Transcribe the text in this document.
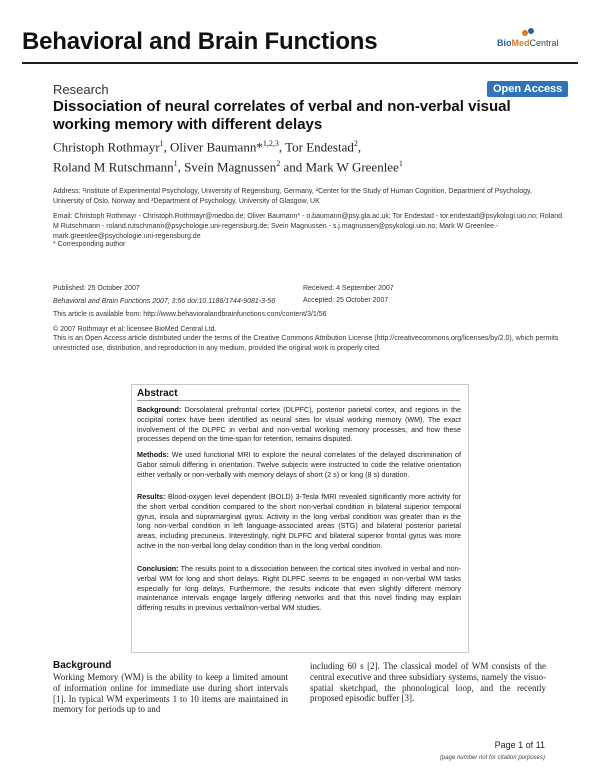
Behavioral and Brain Functions	BioMedCentral
Research	Open Access
Dissociation of neural correlates of verbal and non-verbal visual working memory with different delays
Christoph Rothmayr$^1$, Oliver Baumann*$^{1,2,3}$, Tor Endestad$^2$,
Roland M Rutschmann$^1$, Svein Magnussen$^2$ and Mark W Greenlee$^1$
Address: ¹Institute of Experimental Psychology, University of Regensburg, Germany, ²Center for the Study of Human Cognition, Department of Psychology, University of Oslo, Norway and ³Department of Psychology, University of Glasgow, UK
Email: Christoph Rothmayr - Christoph.Rothmayr@medbo.de; Oliver Baumann* - o.baumann@psy.gla.ac.uk; Tor Endestad - tor.endestad@psykologi.uio.no; Roland M Rutschmann - roland.rutschmann@psychologie.uni-regensburg.de; Svein Magnussen - s.j.magnussen@psykologi.uio.no; Mark W Greenlee - mark.greenlee@psychologie.uni-regensburg.de
* Corresponding author
Published: 25 October 2007	Received: 4 September 2007
Behavioral and Brain Functions 2007, 3:56 doi:10.1186/1744-9081-3-56	Accepted: 25 October 2007
This article is available from: http://www.behavioralandbrainfunctions.com/content/3/1/56
© 2007 Rothmayr et al; licensee BioMed Central Ltd.
This is an Open Access article distributed under the terms of the Creative Commons Attribution License (http://creativecommons.org/licenses/by/2.0), which permits unrestricted use, distribution, and reproduction in any medium, provided the original work is properly cited.
Abstract
Background: Dorsolateral prefrontal cortex (DLPFC), posterior parietal cortex, and regions in the occipital cortex have been identified as neural sites for visual working memory (WM). The exact involvement of the DLPFC in verbal and non-verbal working memory processes, and how these processes depend on the time-span for retention, remains disputed.
Methods: We used functional MRI to explore the neural correlates of the delayed discrimination of Gabor stimuli differing in orientation. Twelve subjects were instructed to code the relative orientation either verbally or non-verbally with memory delays of short (2 s) or long (8 s) duration.
Results: Blood-oxygen level dependent (BOLD) 3-Tesla fMRI revealed significantly more activity for the short verbal condition compared to the short non-verbal condition in bilateral superior temporal gyrus, insula and supramarginal gyrus. Activity in the long verbal condition was greater than in the long non-verbal condition in left language-associated areas (STG) and bilateral posterior parietal areas, including precuneus. Interestingly, right DLPFC and bilateral superior frontal gyrus was more active in the non-verbal long delay condition than in the long verbal condition.
Conclusion: The results point to a dissociation between the cortical sites involved in verbal and non-verbal WM for long and short delays. Right DLPFC seems to be engaged in non-verbal WM tasks especially for long delays. Furthermore, the results indicate that even slightly different memory maintenance intervals engage largely differing networks and that this novel finding may explain differing results in previous verbal/non-verbal WM studies.
Background
Working Memory (WM) is the ability to keep a limited amount of information online for immediate use during short intervals [1]. In typical WM experiments 1 to 10 items are maintained in memory for periods up to and
including 60 s [2]. The classical model of WM consists of the central executive and three subsidiary systems, namely the visuo-spatial sketchpad, the phonological loop, and the recently proposed episodic buffer [3].
Page 1 of 11
(page number not for citation purposes)
